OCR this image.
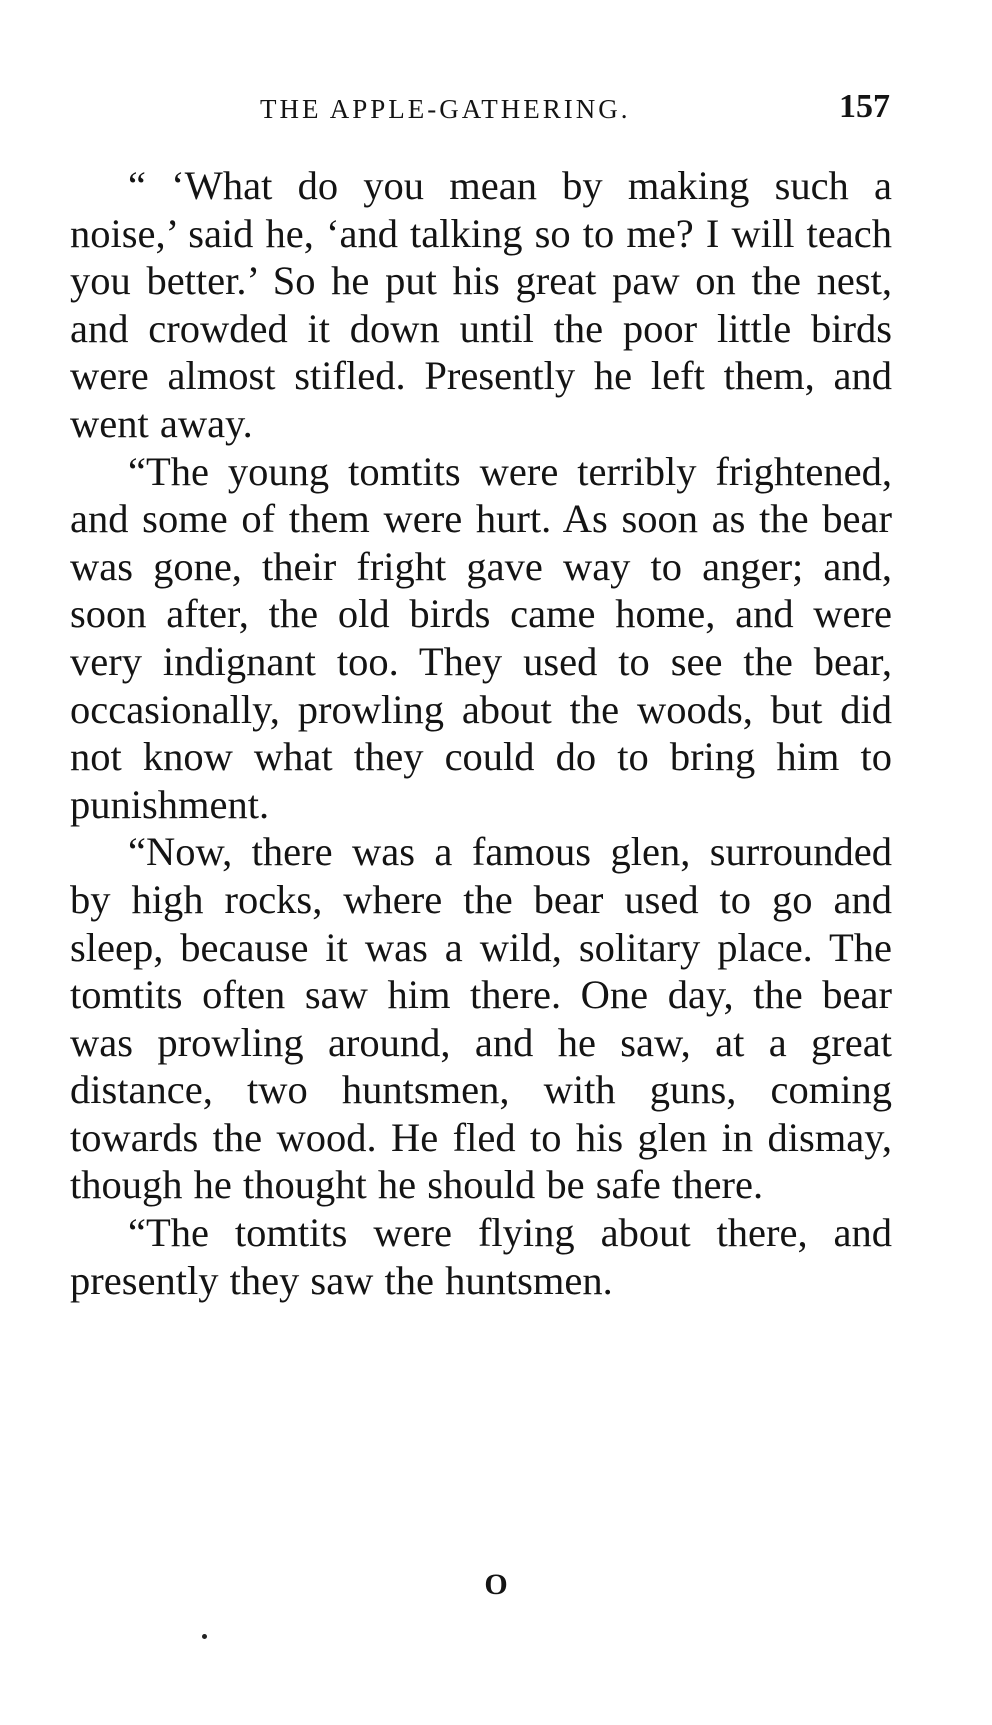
THE APPLE-GATHERING.	157

“ ‘What do you mean by making such a noise,’ said he, ‘and talking so to me? I will teach you better.’ So he put his great paw on the nest, and crowded it down until the poor little birds were almost stifled. Presently he left them, and went away.

“The young tomtits were terribly frightened, and some of them were hurt. As soon as the bear was gone, their fright gave way to anger; and, soon after, the old birds came home, and were very indignant too. They used to see the bear, occasionally, prowling about the woods, but did not know what they could do to bring him to punishment.

“Now, there was a famous glen, surrounded by high rocks, where the bear used to go and sleep, because it was a wild, solitary place. The tomtits often saw him there. One day, the bear was prowling around, and he saw, at a great distance, two huntsmen, with guns, coming towards the wood. He fled to his glen in dismay, though he thought he should be safe there.

“The tomtits were flying about there, and presently they saw the huntsmen.

O
